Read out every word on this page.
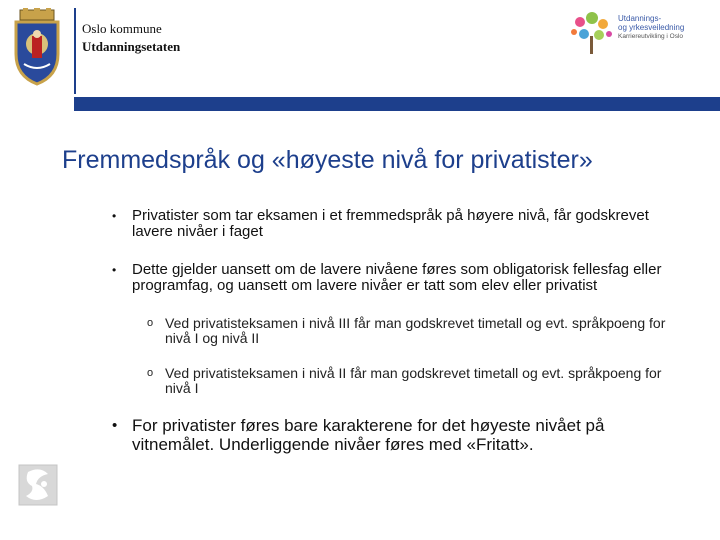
Oslo kommune
Utdanningsetaten
Utdannings-
og yrkesveiledning
Karriereutvikling i Oslo
Fremmedspråk og «høyeste nivå for privatister»
• Privatister som tar eksamen i et fremmedspråk på høyere nivå, får godskrevet lavere nivåer i faget
• Dette gjelder uansett om de lavere nivåene føres som obligatorisk fellesfag eller programfag, og uansett om lavere nivåer er tatt som elev eller privatist
o Ved privatisteksamen i nivå III får man godskrevet timetall og evt. språkpoeng for nivå I og nivå II
o Ved privatisteksamen i nivå II får man godskrevet timetall og evt. språkpoeng for nivå I
• For privatister føres bare karakterene for det høyeste nivået på vitnemålet. Underliggende nivåer føres med «Fritatt».
